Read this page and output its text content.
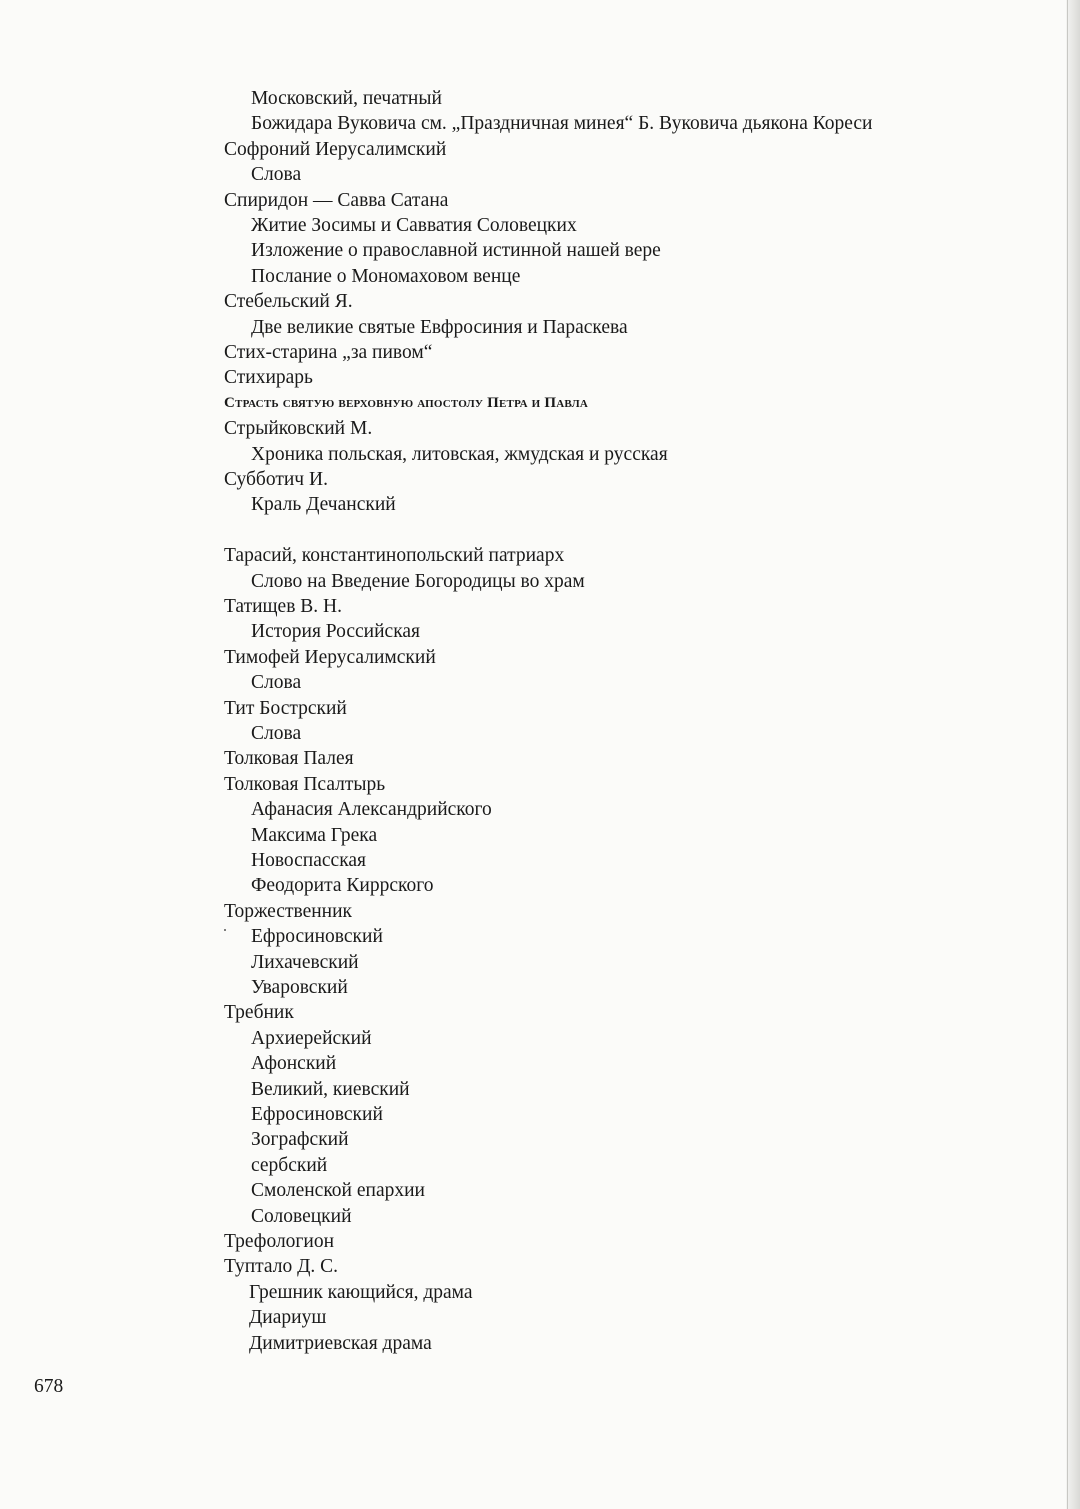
Московский, печатный
Божидара Вуковича см. „Праздничная минея“ Б. Вуковича дьякона Кореси
Софроний Иерусалимский
Слова
Спиридон — Савва Сатана
Житие Зосимы и Савватия Соловецких
Изложение о православной истинной нашей вере
Послание о Мономаховом венце
Стебельский Я.
Две великие святые Евфросиния и Параскева
Стих-старина „за пивом“
Стихирарь
Страсть святую верховную апостолу Петра и Павла
Стрыйковский М.
Хроника польская, литовская, жмудская и русская
Субботич И.
Краль Дечанский
Тарасий, константинопольский патриарх
Слово на Введение Богородицы во храм
Татищев В. Н.
История Российская
Тимофей Иерусалимский
Слова
Тит Бострский
Слова
Толковая Палея
Толковая Псалтырь
Афанасия Александрийского
Максима Грека
Новоспасская
Феодорита Киррского
Торжественник
Ефросиновский
Лихачевский
Уваровский
Требник
Архиерейский
Афонский
Великий, киевский
Ефросиновский
Зографский
сербский
Смоленской епархии
Соловецкий
Трефологион
Туптало Д. С.
Грешник кающийся, драма
Диариуш
Димитриевская драма
678
